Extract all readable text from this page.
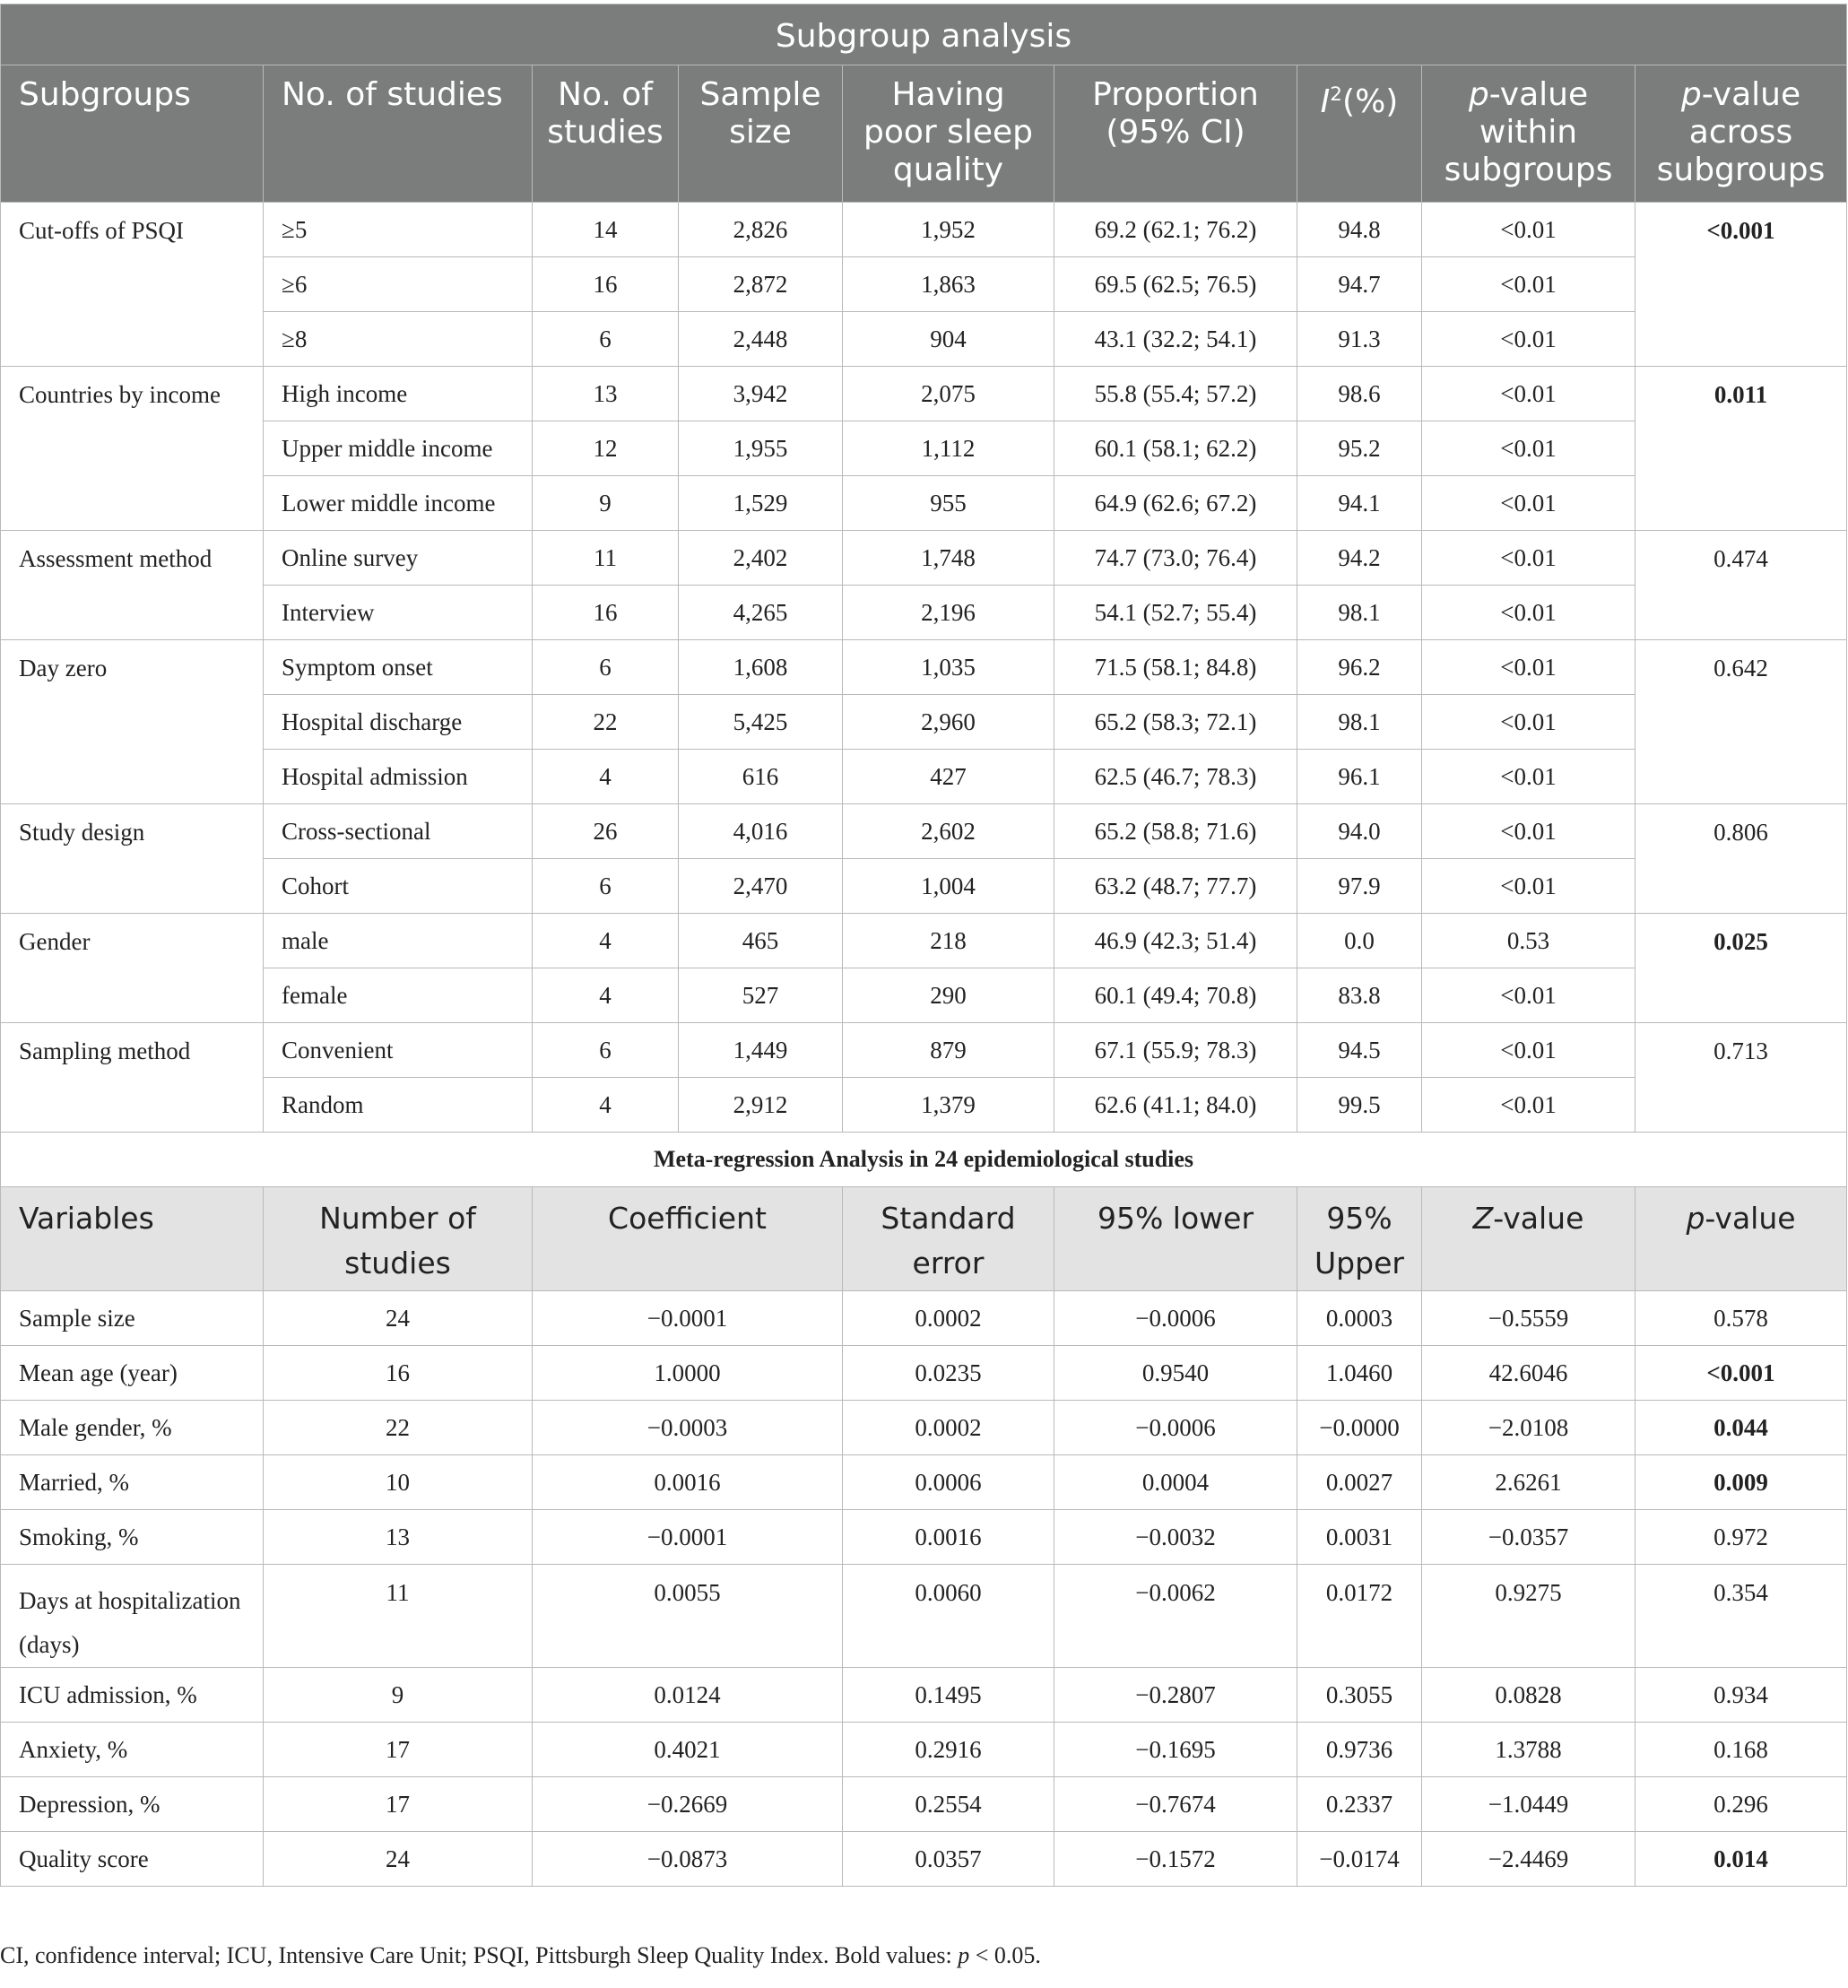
Subgroup analysis								
Subgroups	No. of studies	No. of studies	Sample size	Having poor sleep quality	Proportion (95% CI)	$I^2(\%)$	p-value within subgroups	p-value across subgroups
Cut-offs of PSQI	≥5	14	2,826	1,952	69.2 (62.1; 76.2)	94.8	<0.01	<0.001
	≥6	16	2,872	1,863	69.5 (62.5; 76.5)	94.7	<0.01	
	≥8	6	2,448	904	43.1 (32.2; 54.1)	91.3	<0.01	
Countries by income	High income	13	3,942	2,075	55.8 (55.4; 57.2)	98.6	<0.01	0.011
	Upper middle income	12	1,955	1,112	60.1 (58.1; 62.2)	95.2	<0.01	
	Lower middle income	9	1,529	955	64.9 (62.6; 67.2)	94.1	<0.01	
Assessment method	Online survey	11	2,402	1,748	74.7 (73.0; 76.4)	94.2	<0.01	0.474
	Interview	16	4,265	2,196	54.1 (52.7; 55.4)	98.1	<0.01	
Day zero	Symptom onset	6	1,608	1,035	71.5 (58.1; 84.8)	96.2	<0.01	0.642
	Hospital discharge	22	5,425	2,960	65.2 (58.3; 72.1)	98.1	<0.01	
	Hospital admission	4	616	427	62.5 (46.7; 78.3)	96.1	<0.01	
Study design	Cross-sectional	26	4,016	2,602	65.2 (58.8; 71.6)	94.0	<0.01	0.806
	Cohort	6	2,470	1,004	63.2 (48.7; 77.7)	97.9	<0.01	
Gender	male	4	465	218	46.9 (42.3; 51.4)	0.0	0.53	0.025
	female	4	527	290	60.1 (49.4; 70.8)	83.8	<0.01	
Sampling method	Convenient	6	1,449	879	67.1 (55.9; 78.3)	94.5	<0.01	0.713
	Random	4	2,912	1,379	62.6 (41.1; 84.0)	99.5	<0.01	
Meta-regression Analysis in 24 epidemiological studies								
Variables	Number of studies	Coefficient		Standard error	95% lower	95% Upper	Z-value	p-value
Sample size	24	−0.0001		0.0002	−0.0006	0.0003	−0.5559	0.578
Mean age (year)	16	1.0000		0.0235	0.9540	1.0460	42.6046	<0.001
Male gender, %	22	−0.0003		0.0002	−0.0006	−0.0000	−2.0108	0.044
Married, %	10	0.0016		0.0006	0.0004	0.0027	2.6261	0.009
Smoking, %	13	−0.0001		0.0016	−0.0032	0.0031	−0.0357	0.972
Days at hospitalization (days)	11	0.0055		0.0060	−0.0062	0.0172	0.9275	0.354
ICU admission, %	9	0.0124		0.1495	−0.2807	0.3055	0.0828	0.934
Anxiety, %	17	0.4021		0.2916	−0.1695	0.9736	1.3788	0.168
Depression, %	17	−0.2669		0.2554	−0.7674	0.2337	−1.0449	0.296
Quality score	24	−0.0873		0.0357	−0.1572	−0.0174	−2.4469	0.014
CI, confidence interval; ICU, Intensive Care Unit; PSQI, Pittsburgh Sleep Quality Index. Bold values: p < 0.05.
